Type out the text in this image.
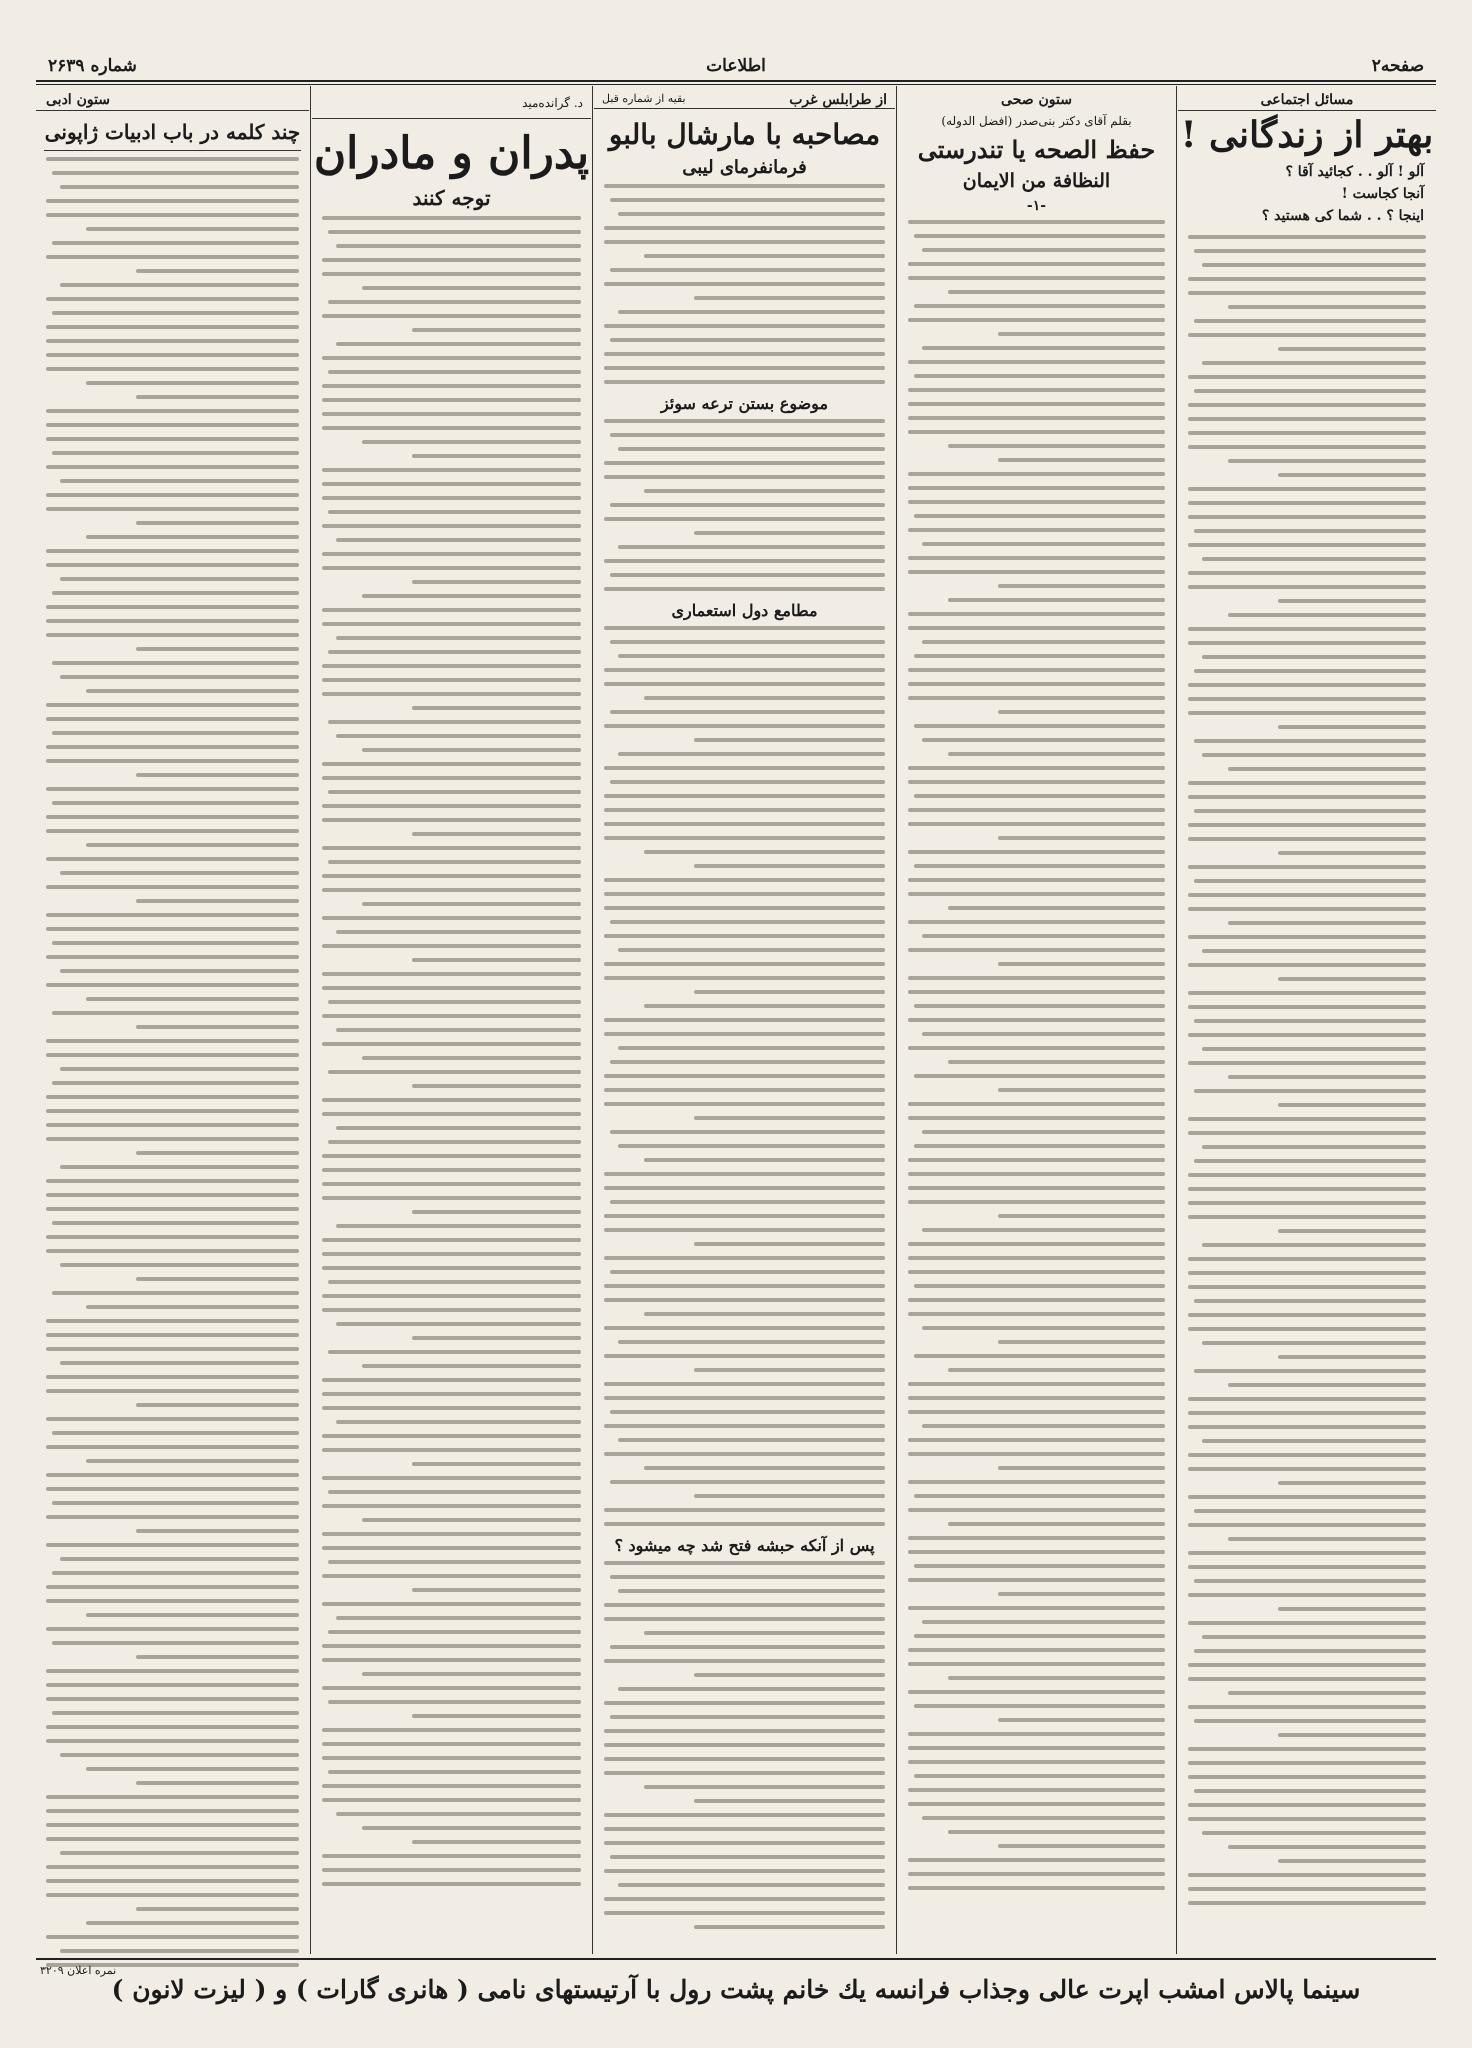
شماره ۲۶۳۹	اطلاعات	صفحه۲
مسائل اجتماعی
بهتر از زندگانی !
آلو ! آلو . . کجائید آقا ؟
آنجا کجاست !
اینجا ؟ . . شما کی هستید ؟
ستون صحی
بقلم آقای دکتر بنی‌صدر (افضل الدوله)
حفظ الصحه یا تندرستی
النظافة من الایمان
-۱-
از طرابلس غرب
بقیه از شماره قبل
مصاحبه با مارشال بالبو
فرمانفرمای لیبی
موضوع بستن ترعه سوئز
مطامع دول استعماری
پس از آنکه حبشه فتح شد چه میشود ؟
د. گرانده‌مید
پدران و مادران
توجه کنند
ستون ادبی
چند کلمه در باب ادبیات ژاپونی
نمره اعلان ۳۲۰۹
سینما پالاس امشب اپرت عالی وجذاب فرانسه یك خانم پشت رول با آرتیستهای نامی ( هانری گارات ) و ( لیزت لانون )
